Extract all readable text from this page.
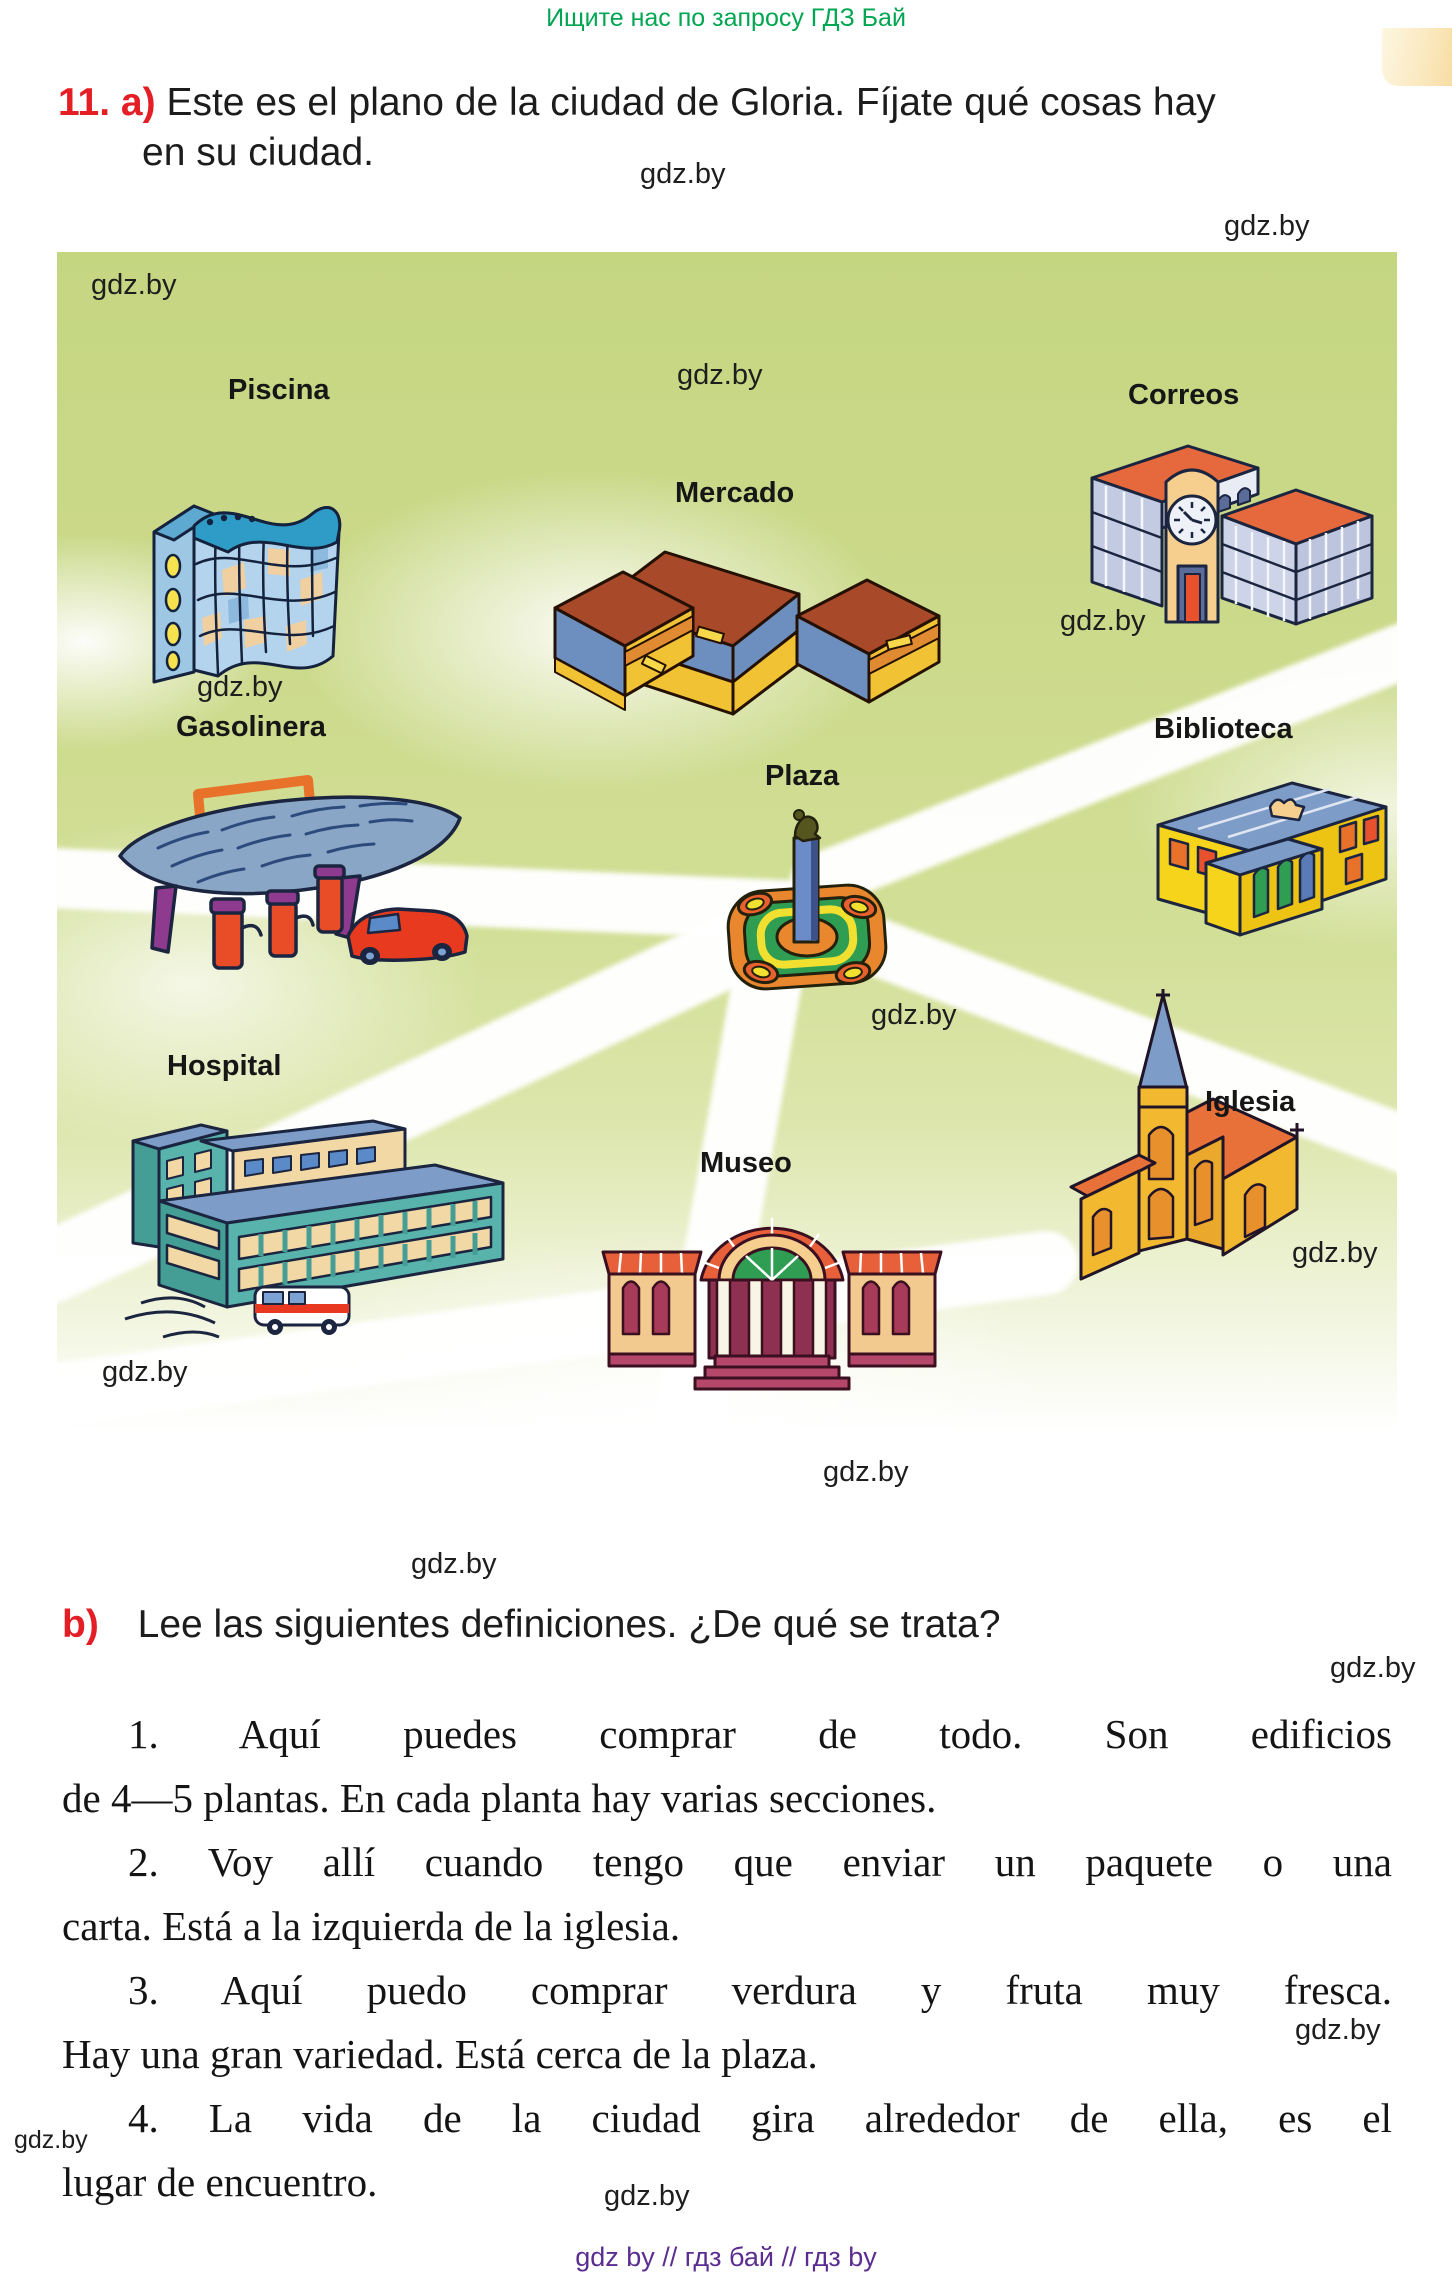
Ищите нас по запросу ГДЗ Бай
11. a) Este es el plano de la ciudad de Gloria. Fíjate qué cosas hay
en su ciudad.	gdz.by
gdz.by
Piscina
Mercado
Correos
Gasolinera
Plaza
Biblioteca
Hospital
Museo
Iglesia
gdz.by
gdz.by
gdz.by
gdz.by
gdz.by
gdz.by
gdz.by
gdz.by
gdz.by
gdz.by
gdz.by
gdz.by
gdz.by
b) Lee las siguientes definiciones. ¿De qué se trata?

1. Aquí puedes comprar de todo. Son edificios
de 4—5 plantas. En cada planta hay varias secciones.

2. Voy allí cuando tengo que enviar un paquete o una
carta. Está a la izquierda de la iglesia.

3. Aquí puedo comprar verdura y fruta muy fresca.
Hay una gran variedad. Está cerca de la plaza.

4. La vida de la ciudad gira alrededor de ella, es el
lugar de encuentro.

gdz by // гдз бай // гдз by
